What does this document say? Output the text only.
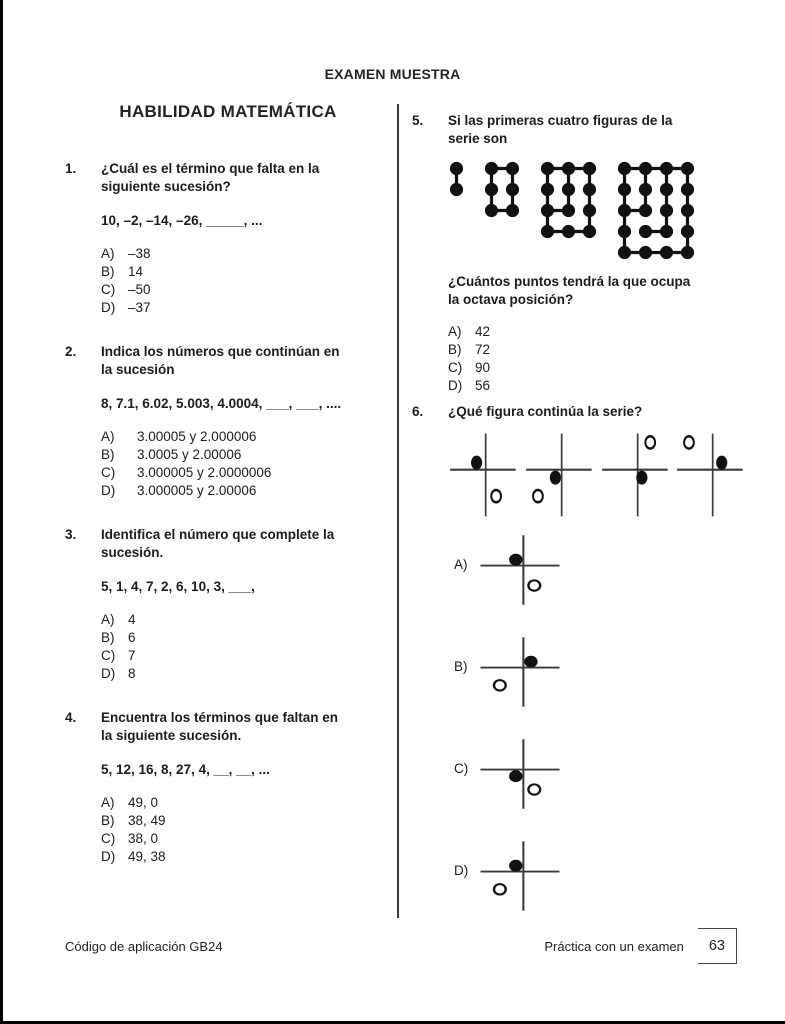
EXAMEN MUESTRA
HABILIDAD MATEMÁTICA
1.	¿Cuál es el término que falta en la
siguiente sucesión?
10, –2, –14, –26, _____, ...
A)	–38
B)	14
C) –50
D) –37
2.	Indica los números que continúan en
la sucesión
8, 7.1, 6.02, 5.003, 4.0004, ___, ___, ....
A)	3.00005 y 2.000006
B)	3.0005 y 2.00006
C)	3.000005 y 2.0000006
D)	3.000005 y 2.00006
3.	Identifica el número que complete la
sucesión.
5, 1, 4, 7, 2, 6, 10, 3, ___,
A)	4
B)	6
C) 7
D) 8
4.	Encuentra los términos que faltan en
la siguiente sucesión.
5, 12, 16, 8, 27, 4, __, __, ...
A)	49, 0
B)	38, 49
C) 38, 0
D) 49, 38
5.	Si las primeras cuatro figuras de la
serie son
¿Cuántos puntos tendrá la que ocupa
la octava posición?
A)	42
B)	72
C) 90
D) 56
6.	¿Qué figura continúa la serie?
A)
B)
C)
D)
Código de aplicación GB24	Práctica con un examen	63
